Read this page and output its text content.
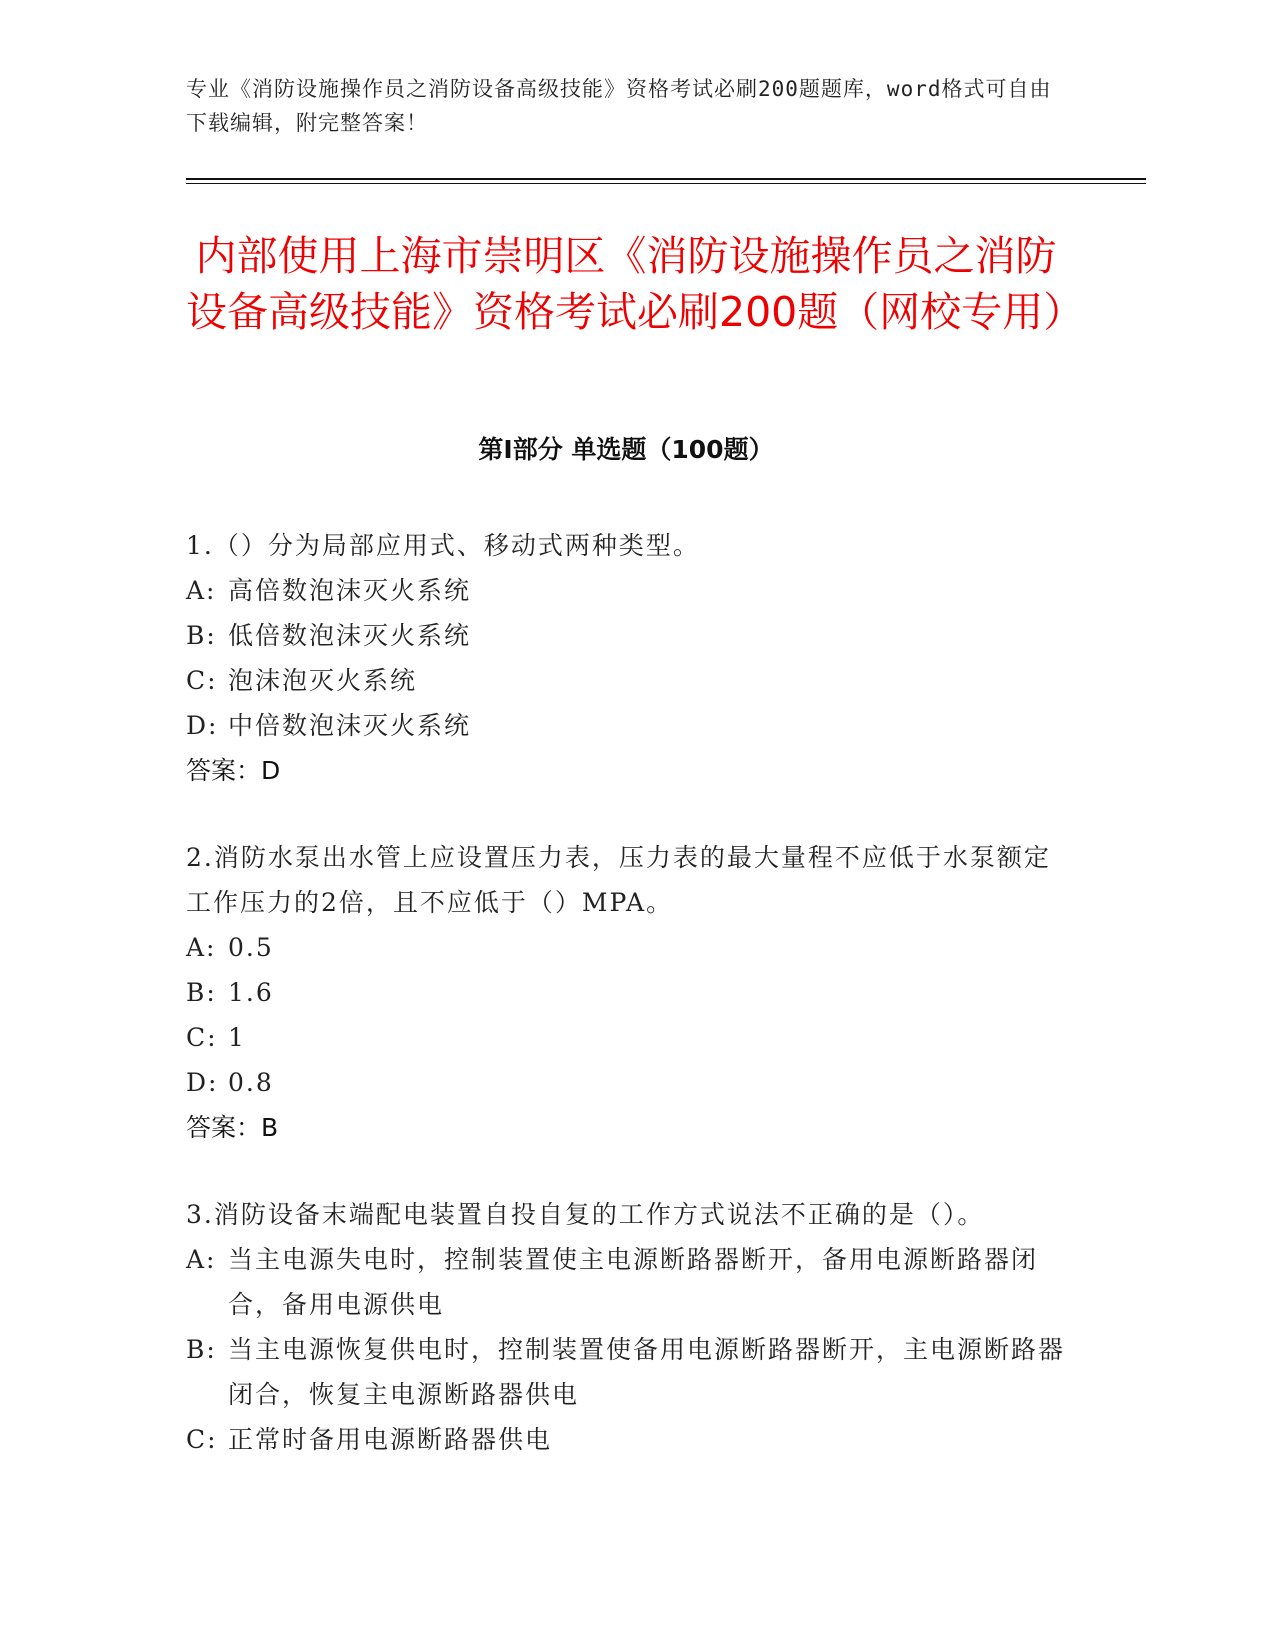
专业《消防设施操作员之消防设备高级技能》资格考试必刷200题题库，word格式可自由下载编辑，附完整答案！
内部使用上海市崇明区《消防设施操作员之消防设备高级技能》资格考试必刷200题（网校专用）
第Ⅰ部分 单选题（100题）

1.（）分为局部应用式、移动式两种类型。

A: 高倍数泡沫灭火系统

B: 低倍数泡沫灭火系统

C: 泡沫泡灭火系统

D: 中倍数泡沫灭火系统

答案：D

2.消防水泵出水管上应设置压力表，压力表的最大量程不应低于水泵额定工作压力的2倍，且不应低于（）MPA。

A: 0.5

B: 1.6

C: 1

D: 0.8

答案：B

3.消防设备末端配电装置自投自复的工作方式说法不正确的是（）。

A: 当主电源失电时，控制装置使主电源断路器断开，备用电源断路器闭合，备用电源供电

B: 当主电源恢复供电时，控制装置使备用电源断路器断开，主电源断路器闭合，恢复主电源断路器供电

C: 正常时备用电源断路器供电
